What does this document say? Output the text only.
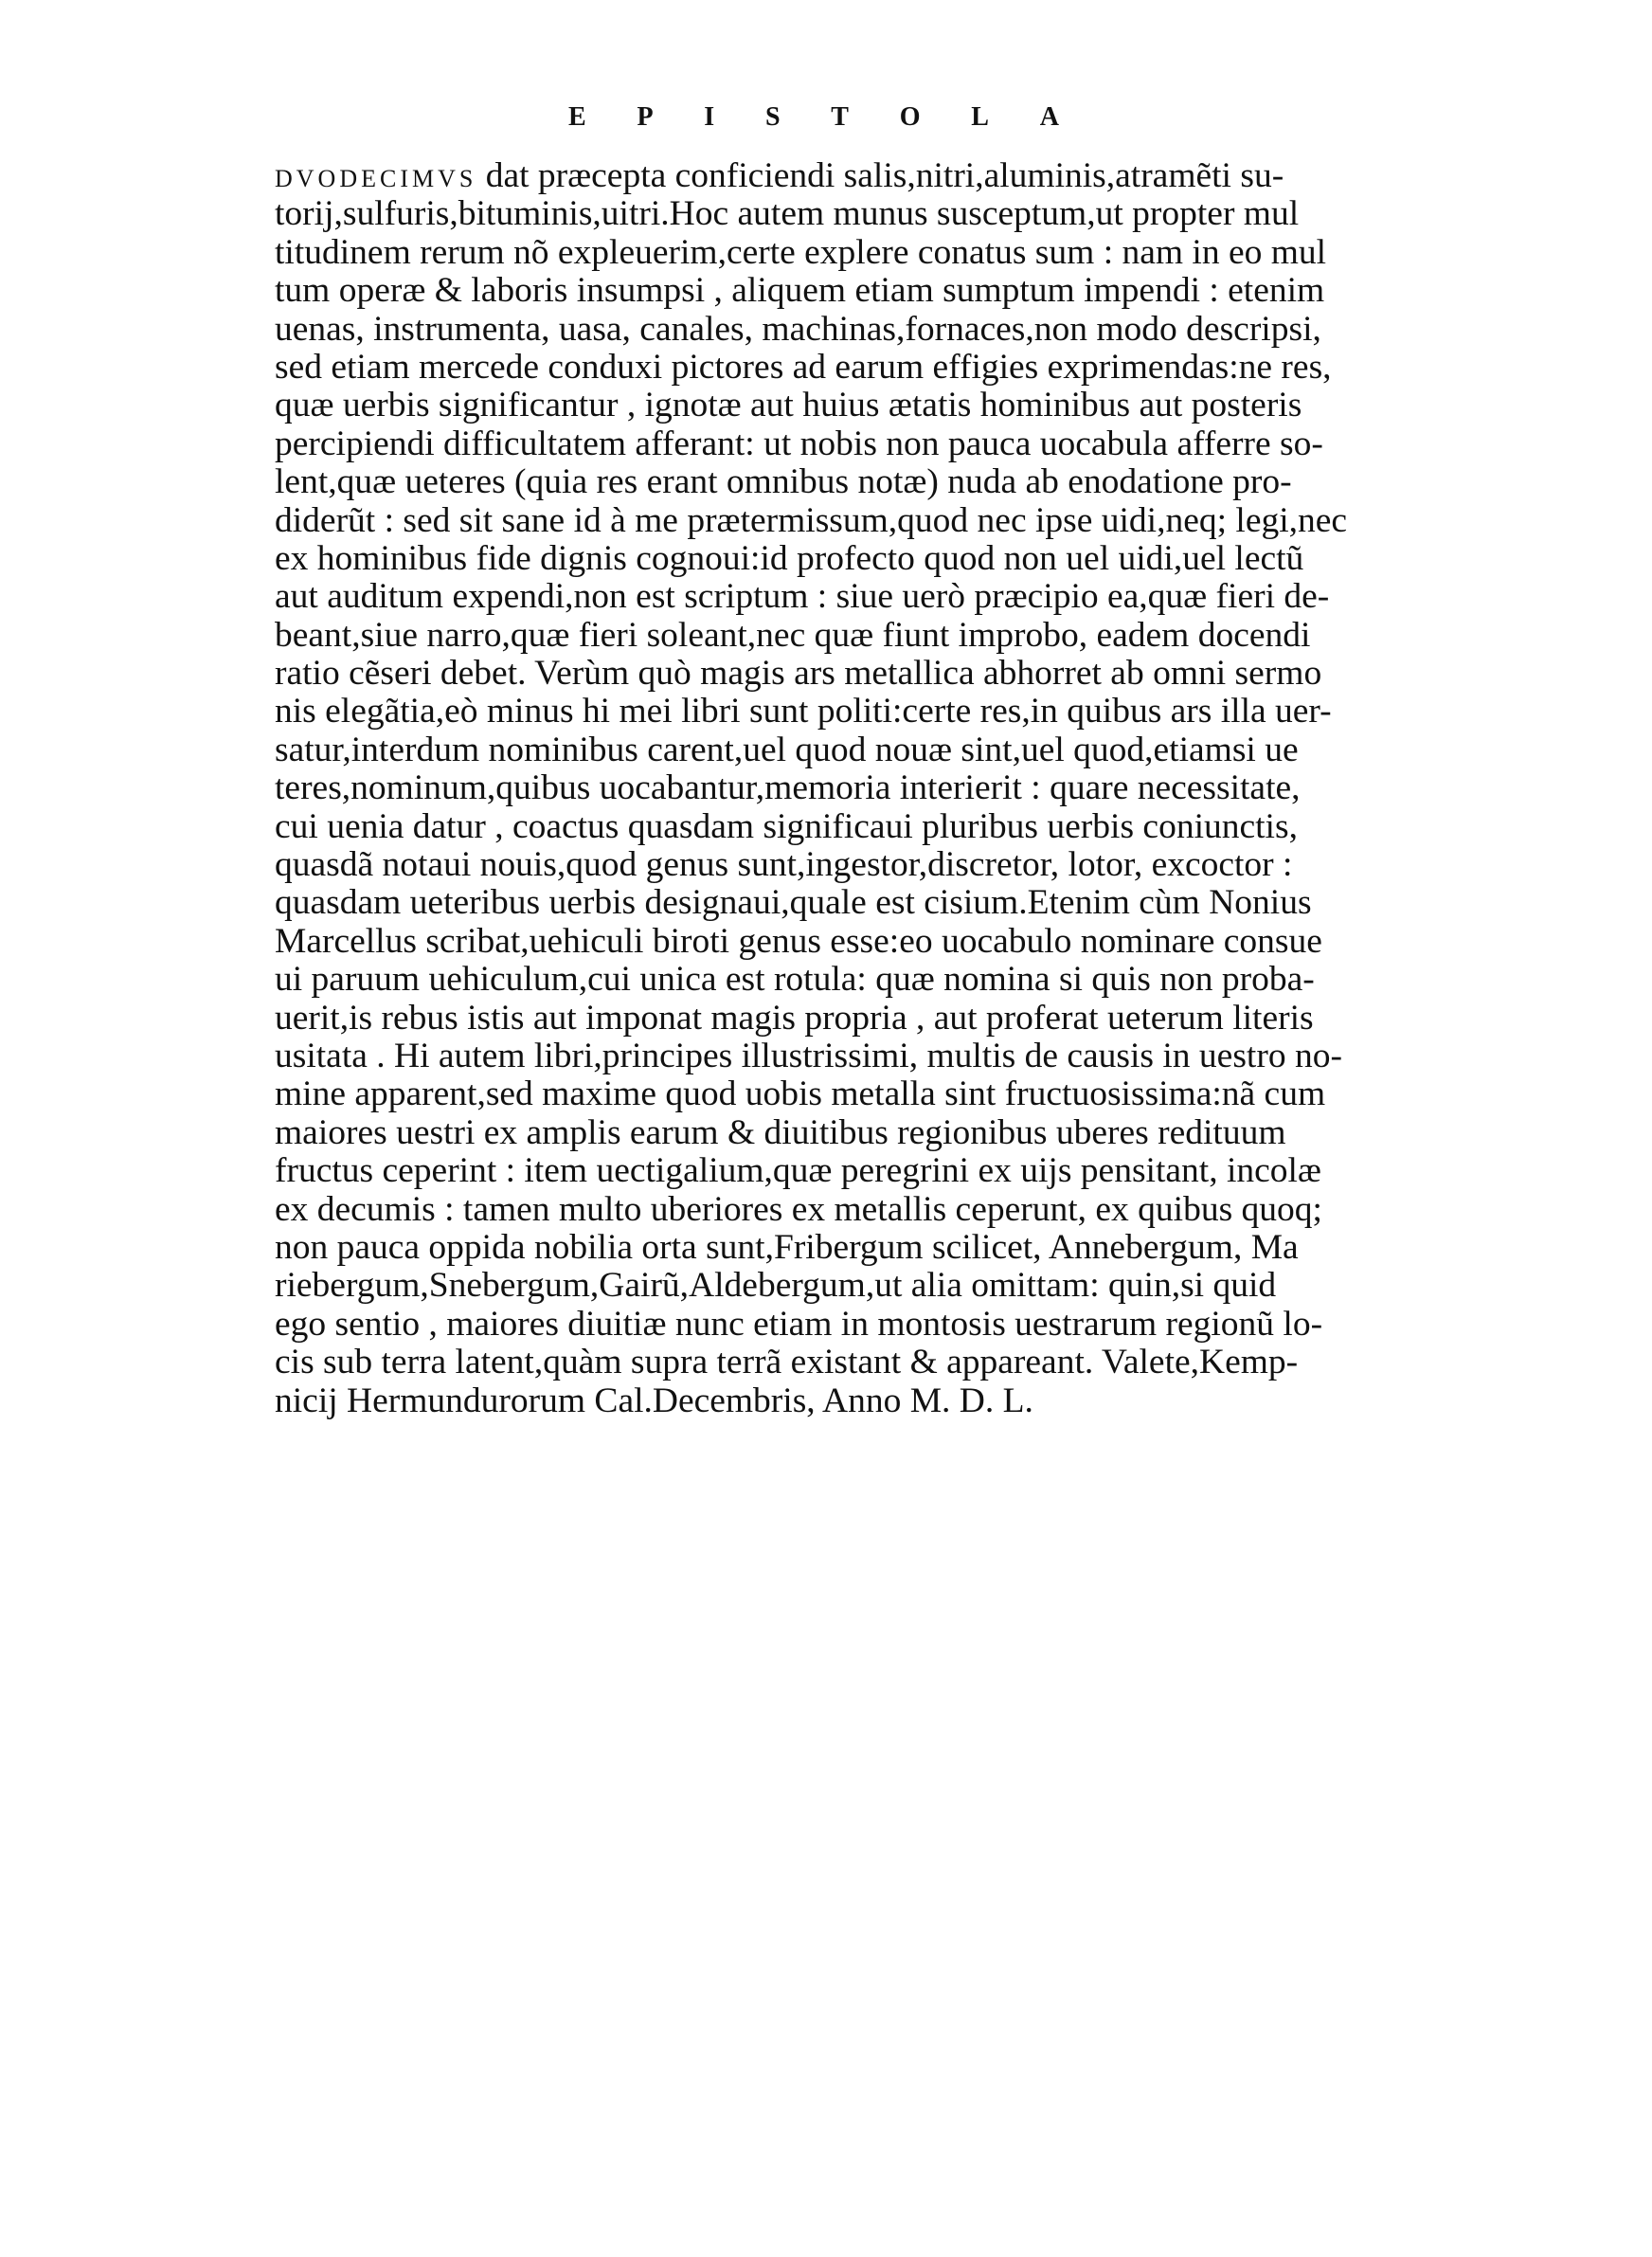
E P I S T O L A
DVODECIMVS dat præcepta conficiendi salis,nitri,aluminis,atramẽti su-
torij,sulfuris,bituminis,uitri.Hoc autem munus susceptum,ut propter mul
titudinem rerum nõ expleuerim,certe explere conatus sum : nam in eo mul
tum operæ & laboris insumpsi , aliquem etiam sumptum impendi : etenim
uenas, instrumenta, uasa, canales, machinas,fornaces,non modo descripsi,
sed etiam mercede conduxi pictores ad earum effigies exprimendas:ne res,
quæ uerbis significantur , ignotæ aut huius ætatis hominibus aut posteris
percipiendi difficultatem afferant: ut nobis non pauca uocabula afferre so-
lent,quæ ueteres (quia res erant omnibus notæ) nuda ab enodatione pro-
diderũt : sed sit sane id à me prætermissum,quod nec ipse uidi,neq; legi,nec
ex hominibus fide dignis cognoui:id profecto quod non uel uidi,uel lectũ
aut auditum expendi,non est scriptum : siue uerò præcipio ea,quæ fieri de-
beant,siue narro,quæ fieri soleant,nec quæ fiunt improbo, eadem docendi
ratio cẽseri debet. Verùm quò magis ars metallica abhorret ab omni sermo
nis elegãtia,eò minus hi mei libri sunt politi:certe res,in quibus ars illa uer-
satur,interdum nominibus carent,uel quod nouæ sint,uel quod,etiamsi ue
teres,nominum,quibus uocabantur,memoria interierit : quare necessitate,
cui uenia datur , coactus quasdam significaui pluribus uerbis coniunctis,
quasdã notaui nouis,quod genus sunt,ingestor,discretor, lotor, excoctor :
quasdam ueteribus uerbis designaui,quale est cisium.Etenim cùm Nonius
Marcellus scribat,uehiculi biroti genus esse:eo uocabulo nominare consue
ui paruum uehiculum,cui unica est rotula: quæ nomina si quis non proba-
uerit,is rebus istis aut imponat magis propria , aut proferat ueterum literis
usitata . Hi autem libri,principes illustrissimi, multis de causis in uestro no-
mine apparent,sed maxime quod uobis metalla sint fructuosissima:nã cum
maiores uestri ex amplis earum & diuitibus regionibus uberes redituum
fructus ceperint : item uectigalium,quæ peregrini ex uijs pensitant, incolæ
ex decumis : tamen multo uberiores ex metallis ceperunt, ex quibus quoq;
non pauca oppida nobilia orta sunt,Fribergum scilicet, Annebergum, Ma
riebergum,Snebergum,Gairũ,Aldebergum,ut alia omittam: quin,si quid
ego sentio , maiores diuitiæ nunc etiam in montosis uestrarum regionũ lo-
cis sub terra latent,quàm supra terrã existant & appareant. Valete,Kemp-
nicij Hermundurorum Cal.Decembris, Anno M. D. L.
